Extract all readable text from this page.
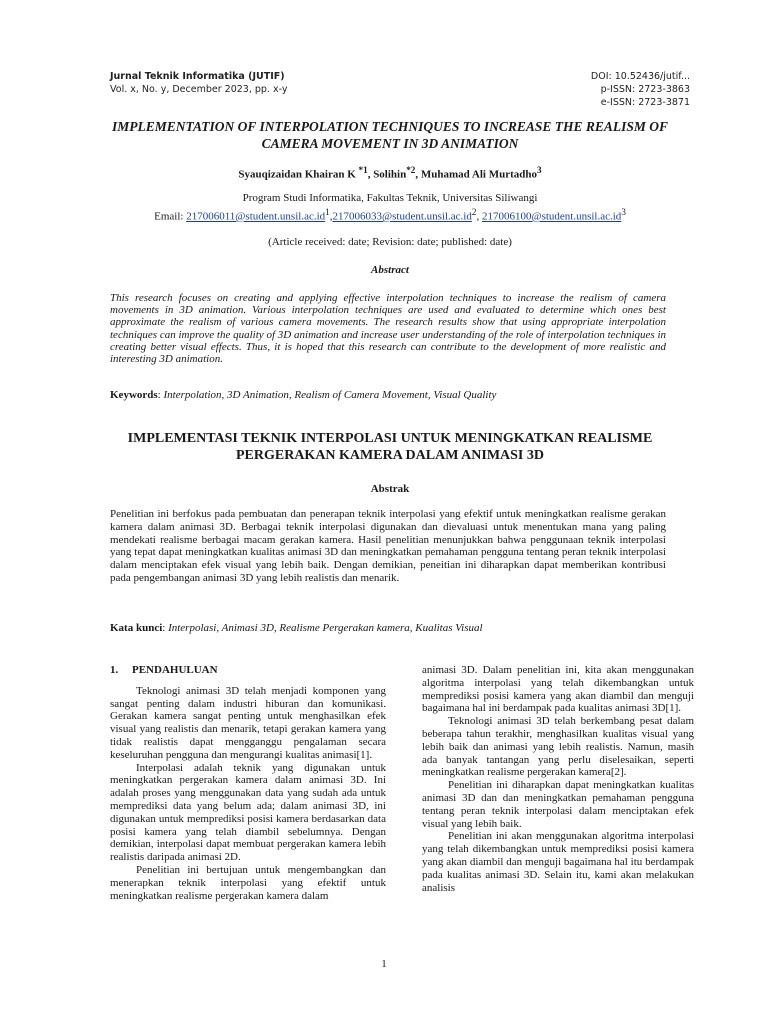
Jurnal Teknik Informatika (JUTIF)
Vol. x, No. y, December 2023, pp. x-y
DOI: 10.52436/jutif...
p-ISSN: 2723-3863
e-ISSN: 2723-3871
IMPLEMENTATION OF INTERPOLATION TECHNIQUES TO INCREASE THE REALISM OF CAMERA MOVEMENT IN 3D ANIMATION
Syauqizaidan Khairan K $^{*1}$, Solihin$^{*2}$, Muhamad Ali Murtadho$^3$
Program Studi Informatika, Fakultas Teknik, Universitas Siliwangi
Email: $217006011@student.unsil.ac.id^1,217006033@student.unsil.ac.id^2$, $217006100@student.unsil.ac.id^3$
(Article received: date; Revision: date; published: date)
Abstract
This research focuses on creating and applying effective interpolation techniques to increase the realism of camera movements in 3D animation. Various interpolation techniques are used and evaluated to determine which ones best approximate the realism of various camera movements. The research results show that using appropriate interpolation techniques can improve the quality of 3D animation and increase user understanding of the role of interpolation techniques in creating better visual effects. Thus, it is hoped that this research can contribute to the development of more realistic and interesting 3D animation.
Keywords: Interpolation, 3D Animation, Realism of Camera Movement, Visual Quality
IMPLEMENTASI TEKNIK INTERPOLASI UNTUK MENINGKATKAN REALISME PERGERAKAN KAMERA DALAM ANIMASI 3D
Abstrak
Penelitian ini berfokus pada pembuatan dan penerapan teknik interpolasi yang efektif untuk meningkatkan realisme gerakan kamera dalam animasi 3D. Berbagai teknik interpolasi digunakan dan dievaluasi untuk menentukan mana yang paling mendekati realisme berbagai macam gerakan kamera. Hasil penelitian menunjukkan bahwa penggunaan teknik interpolasi yang tepat dapat meningkatkan kualitas animasi 3D dan meningkatkan pemahaman pengguna tentang peran teknik interpolasi dalam menciptakan efek visual yang lebih baik. Dengan demikian, peneitian ini diharapkan dapat memberikan kontribusi pada pengembangan animasi 3D yang lebih realistis dan menarik.
Kata kunci: Interpolasi, Animasi 3D, Realisme Pergerakan kamera, Kualitas Visual
1. PENDAHULUAN

Teknologi animasi 3D telah menjadi komponen yang sangat penting dalam industri hiburan dan komunikasi. Gerakan kamera sangat penting untuk menghasilkan efek visual yang realistis dan menarik, tetapi gerakan kamera yang tidak realistis dapat mengganggu pengalaman secara keseluruhan pengguna dan mengurangi kualitas animasi[1].

Interpolasi adalah teknik yang digunakan untuk meningkatkan pergerakan kamera dalam animasi 3D. Ini adalah proses yang menggunakan data yang sudah ada untuk memprediksi data yang belum ada; dalam animasi 3D, ini digunakan untuk memprediksi posisi kamera berdasarkan data posisi kamera yang telah diambil sebelumnya. Dengan demikian, interpolasi dapat membuat pergerakan kamera lebih realistis daripada animasi 2D.

Penelitian ini bertujuan untuk mengembangkan dan menerapkan teknik interpolasi yang efektif untuk meningkatkan realisme pergerakan kamera dalam

animasi 3D. Dalam penelitian ini, kita akan menggunakan algoritma interpolasi yang telah dikembangkan untuk memprediksi posisi kamera yang akan diambil dan menguji bagaimana hal ini berdampak pada kualitas animasi 3D[1].

Teknologi animasi 3D telah berkembang pesat dalam beberapa tahun terakhir, menghasilkan kualitas visual yang lebih baik dan animasi yang lebih realistis. Namun, masih ada banyak tantangan yang perlu diselesaikan, seperti meningkatkan realisme pergerakan kamera[2].

Penelitian ini diharapkan dapat meningkatkan kualitas animasi 3D dan dan meningkatkan pemahaman pengguna tentang peran teknik interpolasi dalam menciptakan efek visual yang lebih baik.

Penelitian ini akan menggunakan algoritma interpolasi yang telah dikembangkan untuk memprediksi posisi kamera yang akan diambil dan menguji bagaimana hal itu berdampak pada kualitas animasi 3D. Selain itu, kami akan melakukan analisis

1
